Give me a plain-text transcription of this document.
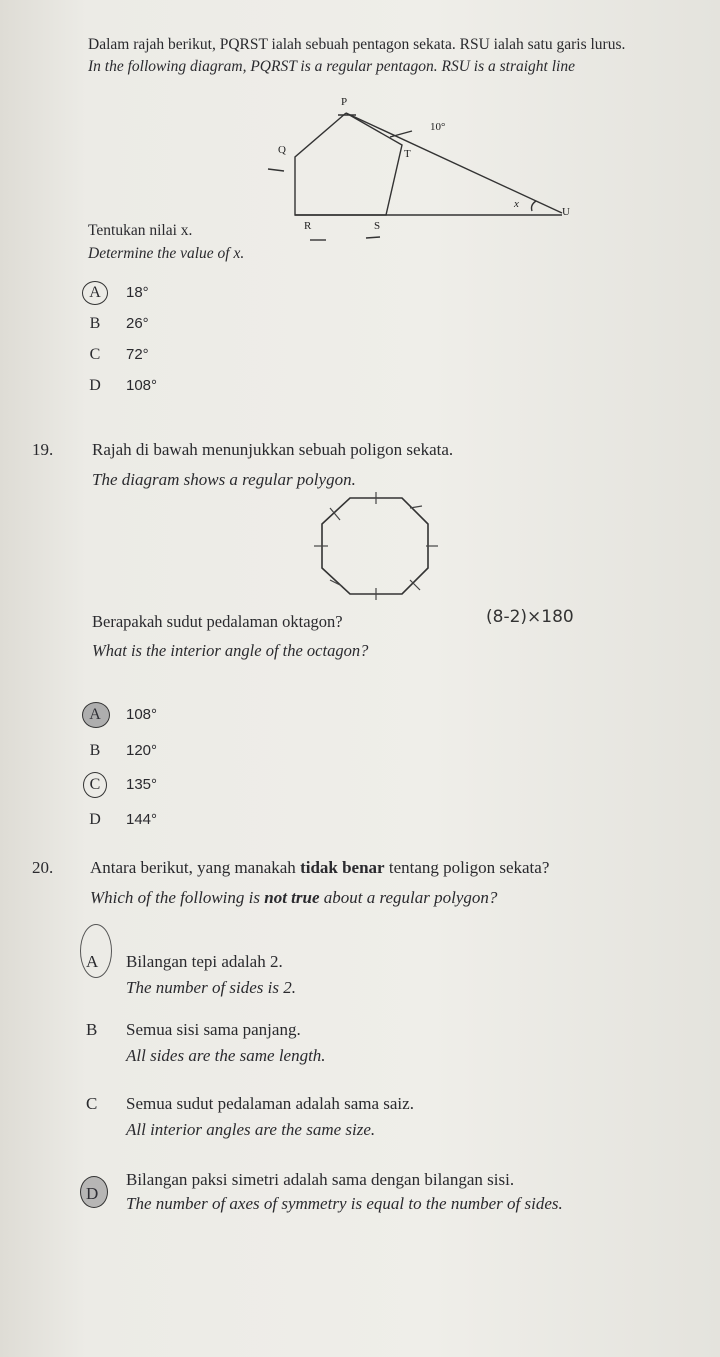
Dalam rajah berikut, PQRST ialah sebuah pentagon sekata. RSU ialah satu garis lurus.
In the following diagram, PQRST is a regular pentagon. RSU is a straight line
P
Q	T
R	S
U
x
10°
Tentukan nilai x.
Determine the value of x.
A 18°
B 26°
C 72°
D 108°
19. Rajah di bawah menunjukkan sebuah poligon sekata.
The diagram shows a regular polygon.
Berapakah sudut pedalaman oktagon?
What is the interior angle of the octagon?
(8-2)×180
A 108°
B 120°
C 135°
D 144°
20. Antara berikut, yang manakah tidak benar tentang poligon sekata?
Which of the following is not true about a regular polygon?
A Bilangan tepi adalah 2.
The number of sides is 2.
B Semua sisi sama panjang.
All sides are the same length.
C Semua sudut pedalaman adalah sama saiz.
All interior angles are the same size.
D
Bilangan paksi simetri adalah sama dengan bilangan sisi.
The number of axes of symmetry is equal to the number of sides.
